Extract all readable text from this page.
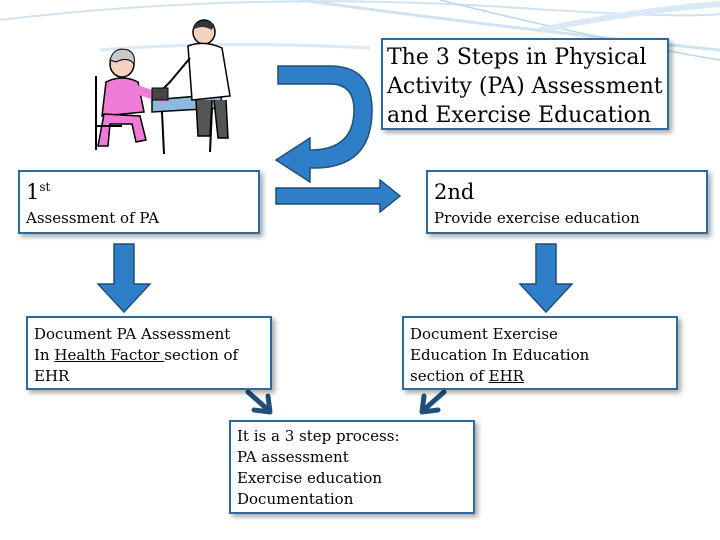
The 3 Steps in Physical
Activity (PA) Assessment
and Exercise Education
1st
Assessment of PA
2nd
Provide exercise education
Document PA Assessment
In Health Factor section of
EHR
Document Exercise
Education In Education
section of EHR
It is a 3 step process:
PA assessment
Exercise education
Documentation
